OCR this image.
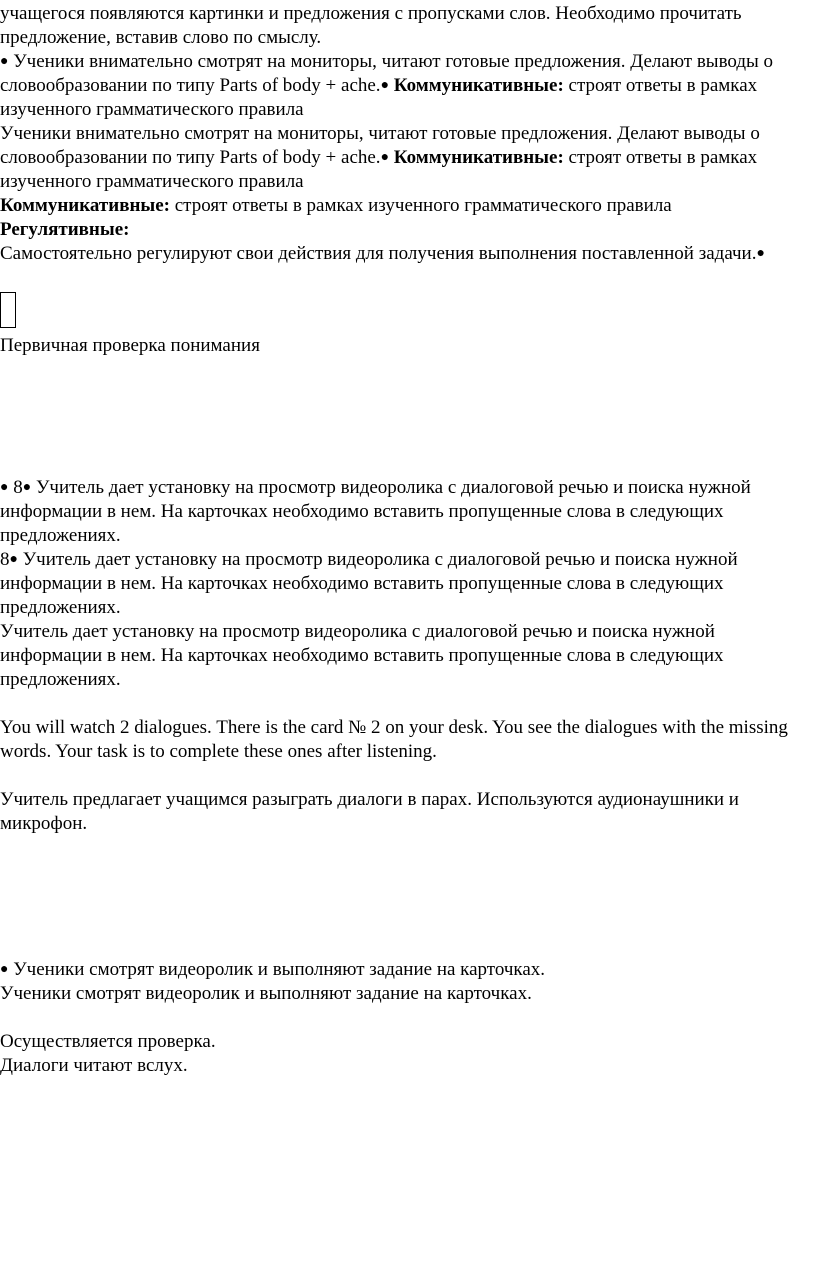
учащегося появляются картинки и предложения с пропусками слов. Необходимо прочитать предложение, вставив слово по смыслу.

● Ученики внимательно смотрят на мониторы, читают готовые предложения. Делают выводы о словообразовании по типу Parts of body + ache.● Коммуникативные: строят ответы в рамках изученного грамматического правила

Ученики внимательно смотрят на мониторы, читают готовые предложения. Делают выводы о словообразовании по типу Parts of body + ache.● Коммуникативные: строят ответы в рамках изученного грамматического правила

Коммуникативные: строят ответы в рамках изученного грамматического правила

Регулятивные:

Самостоятельно регулируют свои действия для получения выполнения поставленной задачи.●

Первичная проверка понимания

● 8● Учитель дает установку на просмотр видеоролика с диалоговой речью и поиска нужной информации в нем. На карточках необходимо вставить пропущенные слова в следующих предложениях.

8● Учитель дает установку на просмотр видеоролика с диалоговой речью и поиска нужной информации в нем. На карточках необходимо вставить пропущенные слова в следующих предложениях.

Учитель дает установку на просмотр видеоролика с диалоговой речью и поиска нужной информации в нем. На карточках необходимо вставить пропущенные слова в следующих предложениях.

You will watch 2 dialogues. There is the card № 2 on your desk. You see the dialogues with the missing words. Your task is to complete these ones after listening.

Учитель предлагает учащимся разыграть диалоги в парах. Используются аудионаушники и микрофон.

● Ученики смотрят видеоролик и выполняют задание на карточках.

Ученики смотрят видеоролик и выполняют задание на карточках.

Осуществляется проверка.

Диалоги читают вслух.
